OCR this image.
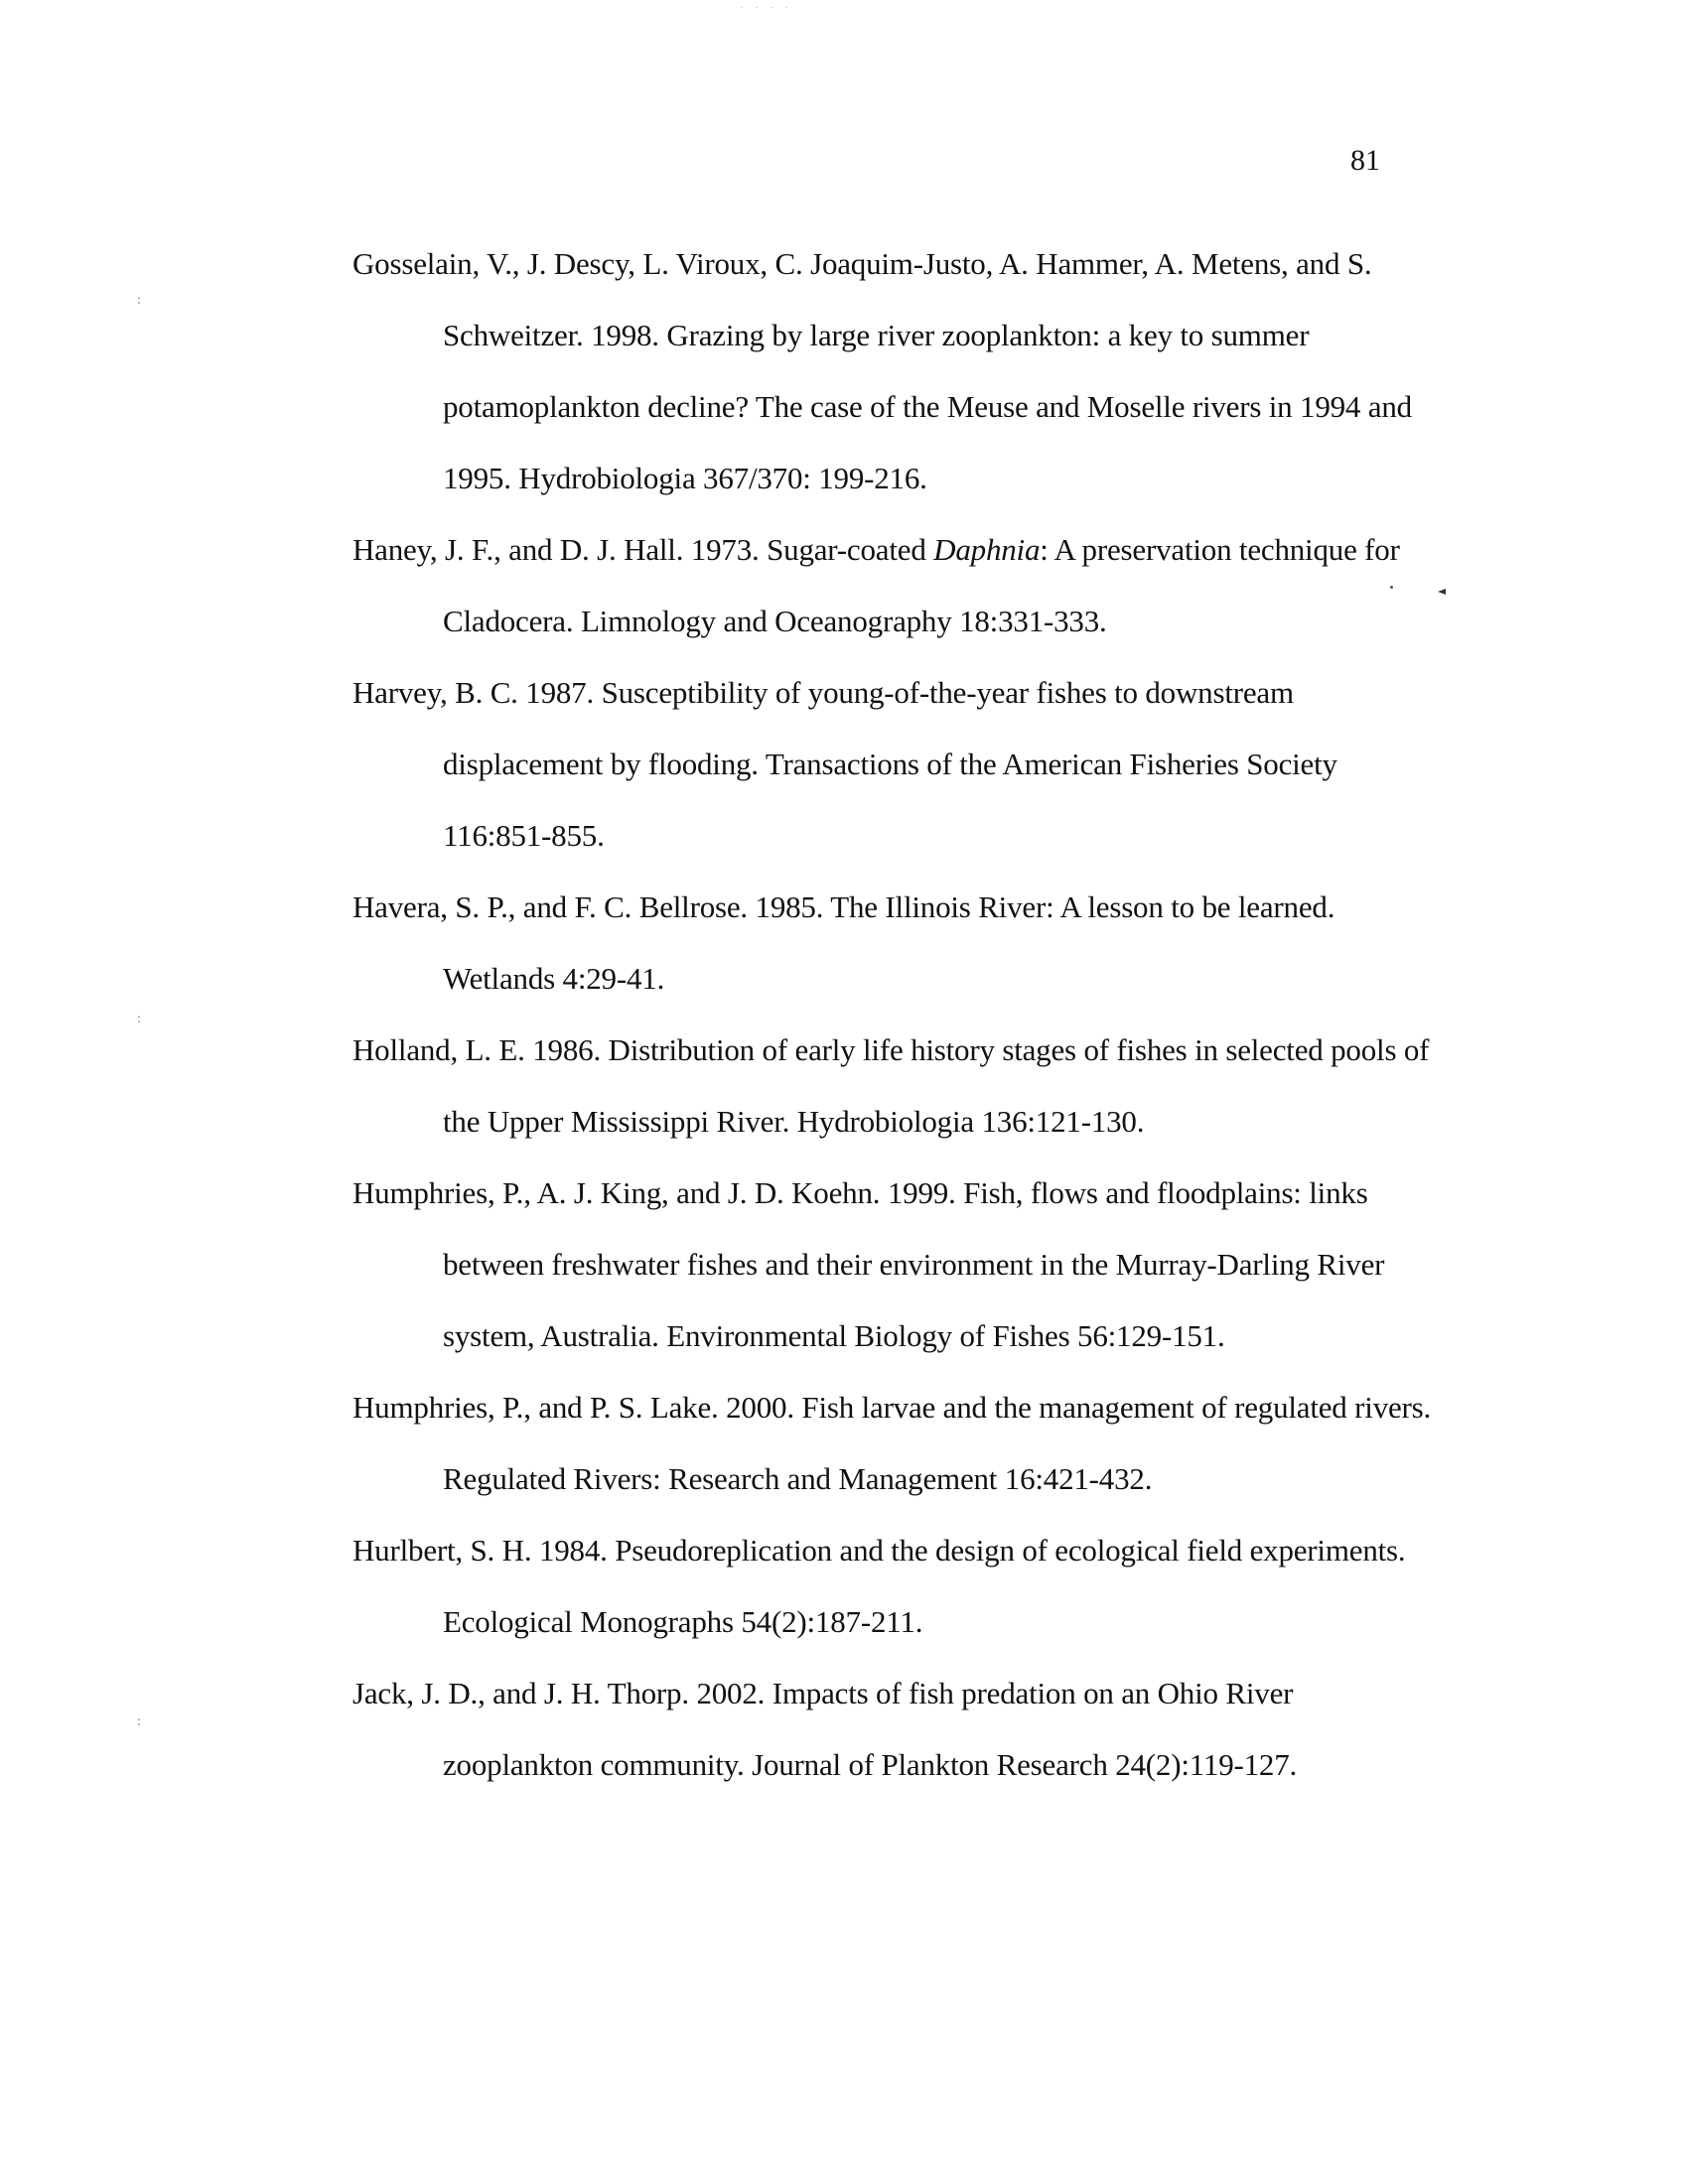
· · · ·
81
Gosselain, V., J. Descy, L. Viroux, C. Joaquim-Justo, A. Hammer, A. Metens, and S. Schweitzer. 1998. Grazing by large river zooplankton: a key to summer potamoplankton decline? The case of the Meuse and Moselle rivers in 1994 and 1995. Hydrobiologia 367/370: 199-216.
Haney, J. F., and D. J. Hall. 1973. Sugar-coated Daphnia: A preservation technique for Cladocera. Limnology and Oceanography 18:331-333.
Harvey, B. C. 1987. Susceptibility of young-of-the-year fishes to downstream displacement by flooding. Transactions of the American Fisheries Society 116:851-855.
Havera, S. P., and F. C. Bellrose. 1985. The Illinois River: A lesson to be learned. Wetlands 4:29-41.
Holland, L. E. 1986. Distribution of early life history stages of fishes in selected pools of the Upper Mississippi River. Hydrobiologia 136:121-130.
Humphries, P., A. J. King, and J. D. Koehn. 1999. Fish, flows and floodplains: links between freshwater fishes and their environment in the Murray-Darling River system, Australia. Environmental Biology of Fishes 56:129-151.
Humphries, P., and P. S. Lake. 2000. Fish larvae and the management of regulated rivers. Regulated Rivers: Research and Management 16:421-432.
Hurlbert, S. H. 1984. Pseudoreplication and the design of ecological field experiments. Ecological Monographs 54(2):187-211.
Jack, J. D., and J. H. Thorp. 2002. Impacts of fish predation on an Ohio River zooplankton community. Journal of Plankton Research 24(2):119-127.
:
:
:
